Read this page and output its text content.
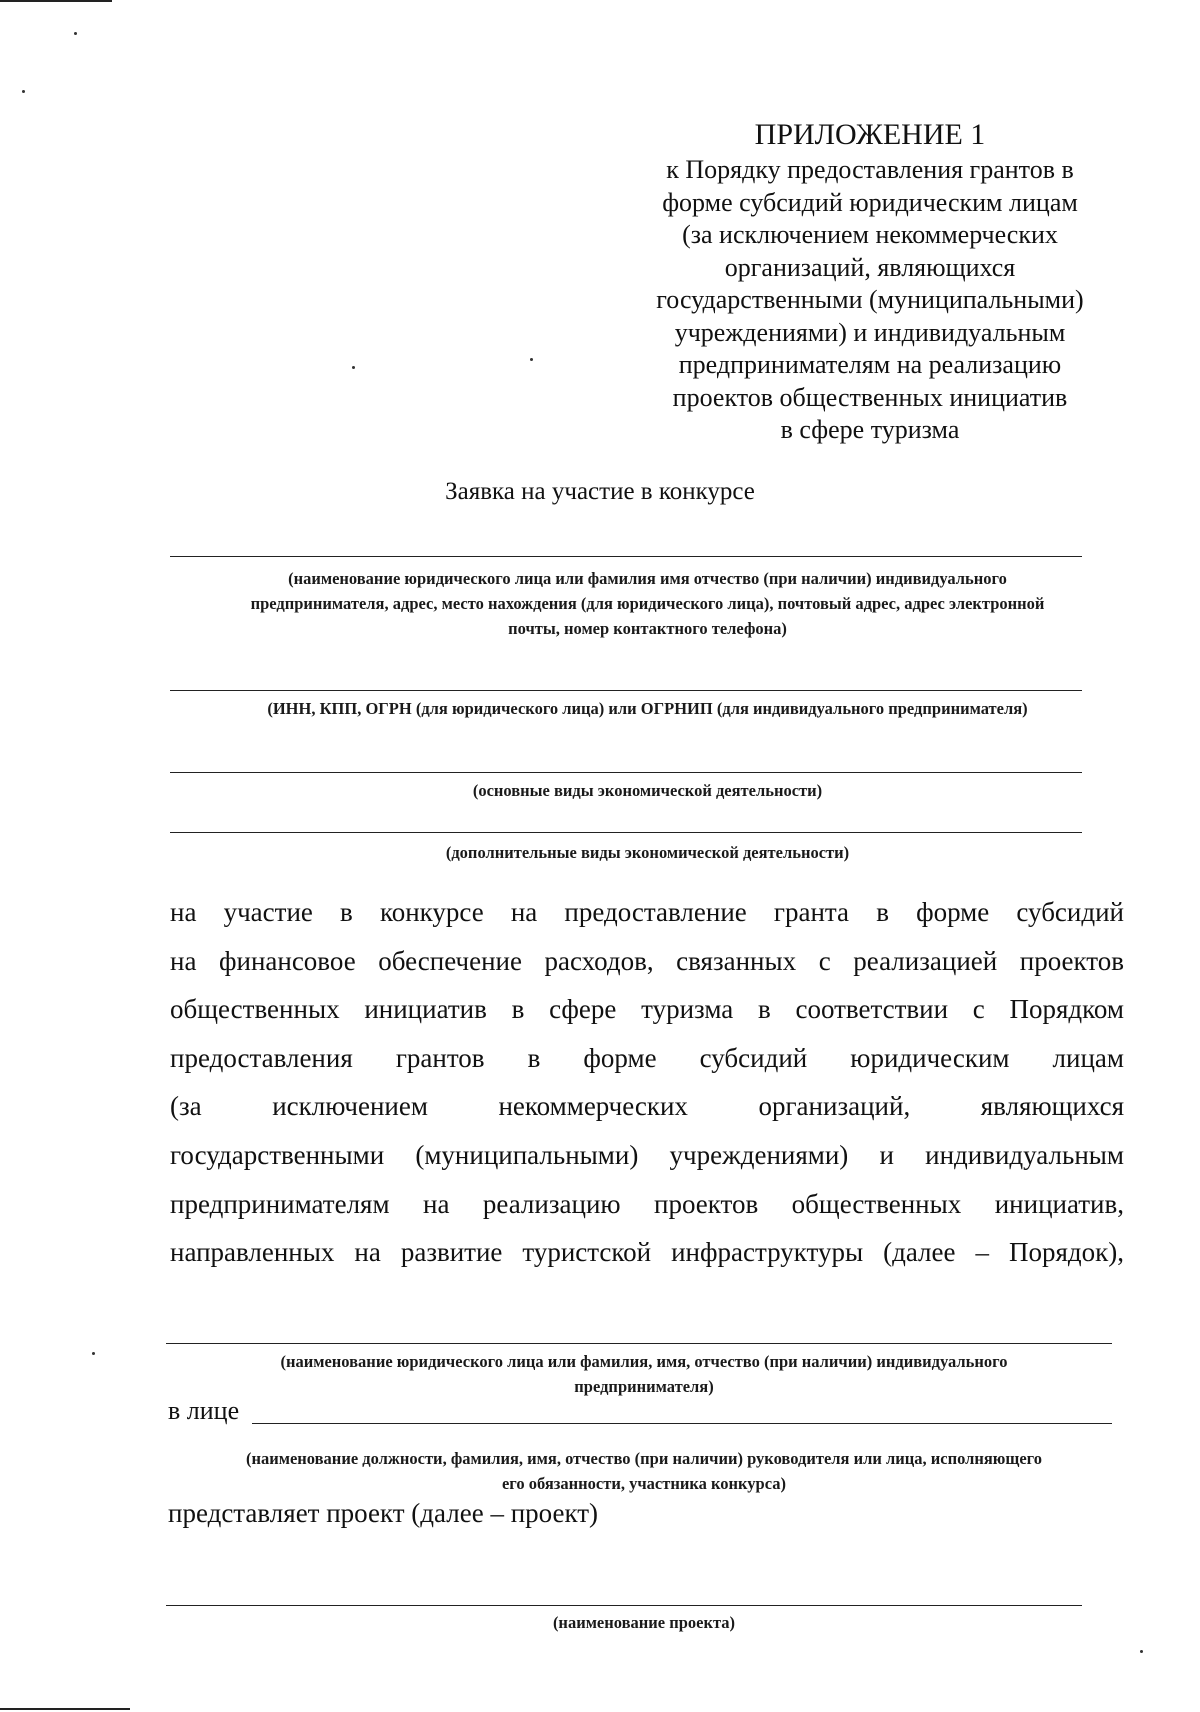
ПРИЛОЖЕНИЕ 1
к Порядку предоставления грантов в
форме субсидий юридическим лицам
(за исключением некоммерческих
организаций, являющихся
государственными (муниципальными)
учреждениями) и индивидуальным
предпринимателям на реализацию
проектов общественных инициатив
в сфере туризма
Заявка на участие в конкурсе
(наименование юридического лица или фамилия имя отчество (при наличии) индивидуального
предпринимателя, адрес, место нахождения (для юридического лица), почтовый адрес, адрес электронной
почты, номер контактного телефона)
(ИНН, КПП, ОГРН (для юридического лица) или ОГРНИП (для индивидуального предпринимателя)
(основные виды экономической деятельности)
(дополнительные виды экономической деятельности)
на участие в конкурсе на предоставление гранта в форме субсидий
на финансовое обеспечение расходов, связанных с реализацией проектов
общественных инициатив в сфере туризма в соответствии с Порядком
предоставления грантов в форме субсидий юридическим лицам
(за исключением некоммерческих организаций, являющихся
государственными (муниципальными) учреждениями) и индивидуальным
предпринимателям на реализацию проектов общественных инициатив,
направленных на развитие туристской инфраструктуры (далее – Порядок),
(наименование юридического лица или фамилия, имя, отчество (при наличии) индивидуального
предпринимателя)
в лице
(наименование должности, фамилия, имя, отчество (при наличии) руководителя или лица, исполняющего
его обязанности, участника конкурса)
представляет проект (далее – проект)
(наименование проекта)
